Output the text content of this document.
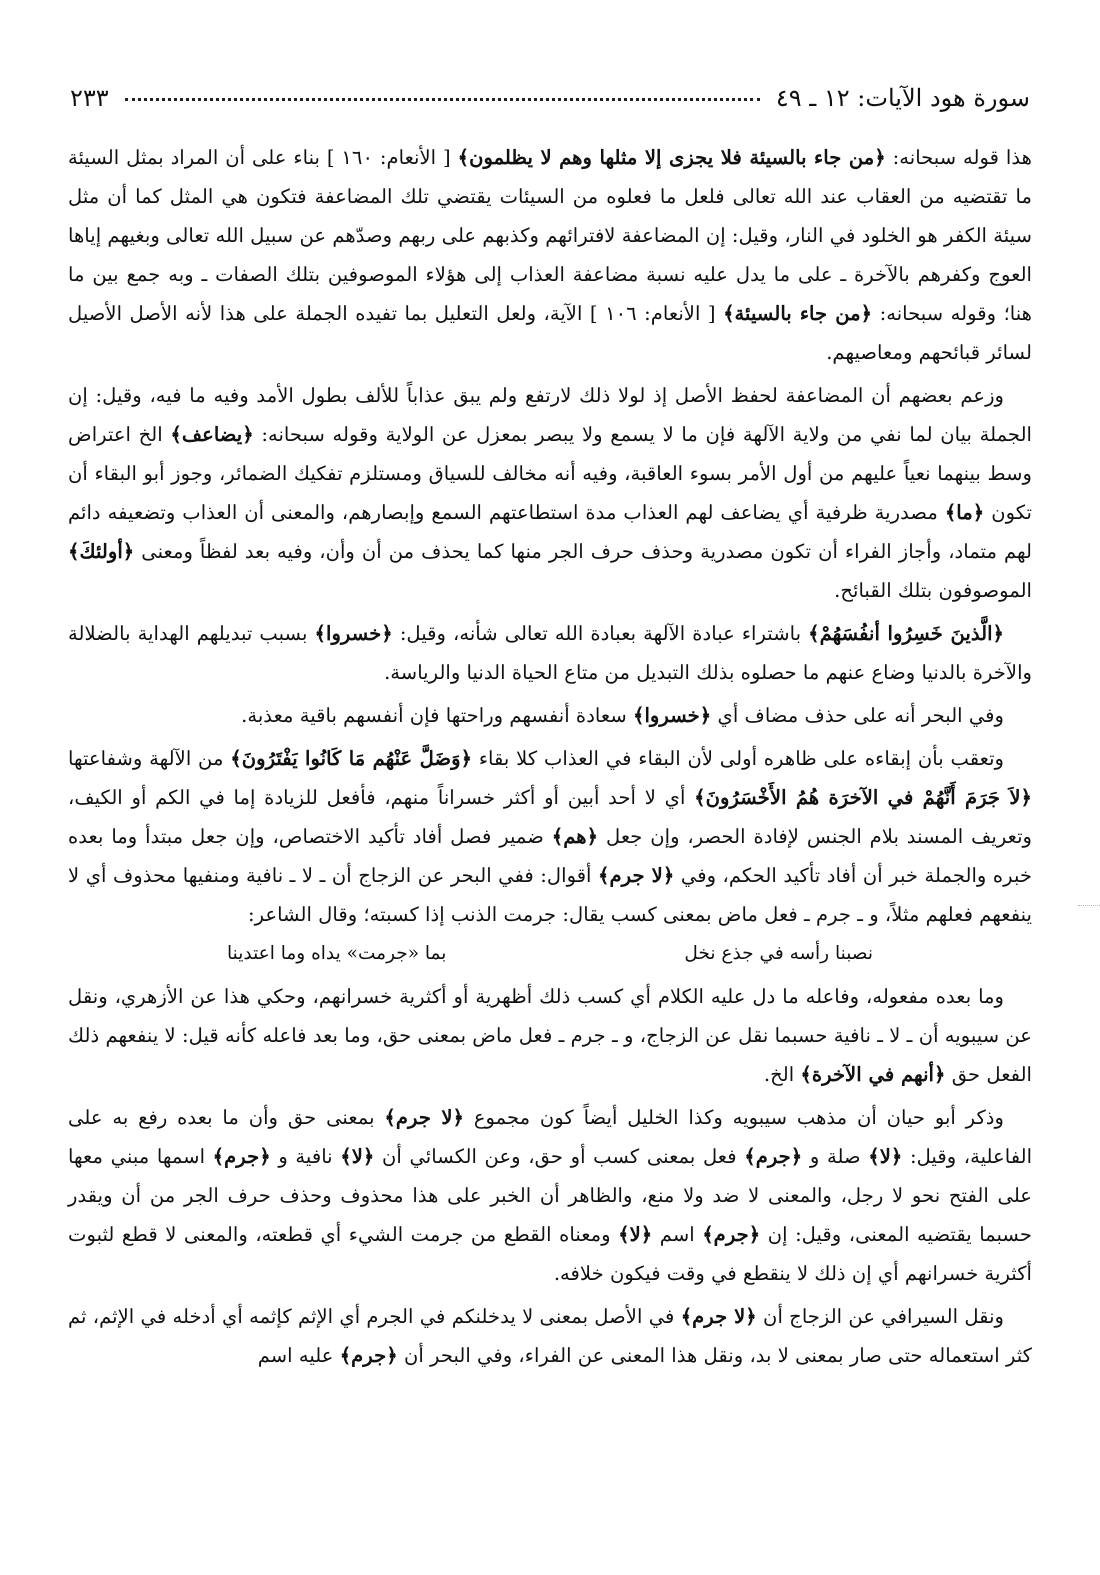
سورة هود الآيات: ١٢ ـ ٤٩
٢٣٣

هذا قوله سبحانه: ﴿من جاء بالسيئة فلا يجزى إلا مثلها وهم لا يظلمون﴾ [ الأنعام: ١٦٠ ] بناء على أن المراد بمثل السيئة ما تقتضيه من العقاب عند الله تعالى فلعل ما فعلوه من السيئات يقتضي تلك المضاعفة فتكون هي المثل كما أن مثل سيئة الكفر هو الخلود في النار، وقيل: إن المضاعفة لافترائهم وكذبهم على ربهم وصدّهم عن سبيل الله تعالى وبغيهم إياها العوج وكفرهم بالآخرة ـ على ما يدل عليه نسبة مضاعفة العذاب إلى هؤلاء الموصوفين بتلك الصفات ـ وبه جمع بين ما هنا؛ وقوله سبحانه: ﴿من جاء بالسيئة﴾ [ الأنعام: ١٠٦ ] الآية، ولعل التعليل بما تفيده الجملة على هذا لأنه الأصل الأصيل لسائر قبائحهم ومعاصيهم.

وزعم بعضهم أن المضاعفة لحفظ الأصل إذ لولا ذلك لارتفع ولم يبق عذاباً للألف بطول الأمد وفيه ما فيه، وقيل: إن الجملة بيان لما نفي من ولاية الآلهة فإن ما لا يسمع ولا يبصر بمعزل عن الولاية وقوله سبحانه: ﴿يضاعف﴾ الخ اعتراض وسط بينهما نعياً عليهم من أول الأمر بسوء العاقبة، وفيه أنه مخالف للسياق ومستلزم تفكيك الضمائر، وجوز أبو البقاء أن تكون ﴿ما﴾ مصدرية ظرفية أي يضاعف لهم العذاب مدة استطاعتهم السمع وإبصارهم، والمعنى أن العذاب وتضعيفه دائم لهم متماد، وأجاز الفراء أن تكون مصدرية وحذف حرف الجر منها كما يحذف من أن وأن، وفيه بعد لفظاً ومعنى ﴿أولئكَ﴾ الموصوفون بتلك القبائح.

﴿الَّذينَ خَسِرُوا أنفُسَهُمْ﴾ باشتراء عبادة الآلهة بعبادة الله تعالى شأنه، وقيل: ﴿خسروا﴾ بسبب تبديلهم الهداية بالضلالة والآخرة بالدنيا وضاع عنهم ما حصلوه بذلك التبديل من متاع الحياة الدنيا والرياسة.

وفي البحر أنه على حذف مضاف أي ﴿خسروا﴾ سعادة أنفسهم وراحتها فإن أنفسهم باقية معذبة.

وتعقب بأن إبقاءه على ظاهره أولى لأن البقاء في العذاب كلا بقاء ﴿وَضَلَّ عَنْهُم مَا كَانُوا يَفْتَرُونَ﴾ من الآلهة وشفاعتها ﴿لاَ جَرَمَ أَنَّهُمْ في الآخرَة هُمُ الأَخْسَرُونَ﴾ أي لا أحد أبين أو أكثر خسراناً منهم، فأفعل للزيادة إما في الكم أو الكيف، وتعريف المسند بلام الجنس لإفادة الحصر، وإن جعل ﴿هم﴾ ضمير فصل أفاد تأكيد الاختصاص، وإن جعل مبتدأ وما بعده خبره والجملة خبر أن أفاد تأكيد الحكم، وفي ﴿لا جرم﴾ أقوال: ففي البحر عن الزجاج أن ـ لا ـ نافية ومنفيها محذوف أي لا ينفعهم فعلهم مثلاً، و ـ جرم ـ فعل ماض بمعنى كسب يقال: جرمت الذنب إذا كسبته؛ وقال الشاعر:

نصبنا رأسه في جذع نخل
بما «جرمت» يداه وما اعتدينا

وما بعده مفعوله، وفاعله ما دل عليه الكلام أي كسب ذلك أظهرية أو أكثرية خسرانهم، وحكي هذا عن الأزهري، ونقل عن سيبويه أن ـ لا ـ نافية حسبما نقل عن الزجاج، و ـ جرم ـ فعل ماض بمعنى حق، وما بعد فاعله كأنه قيل: لا ينفعهم ذلك الفعل حق ﴿أنهم في الآخرة﴾ الخ.

وذكر أبو حيان أن مذهب سيبويه وكذا الخليل أيضاً كون مجموع ﴿لا جرم﴾ بمعنى حق وأن ما بعده رفع به على الفاعلية، وقيل: ﴿لا﴾ صلة و ﴿جرم﴾ فعل بمعنى كسب أو حق، وعن الكسائي أن ﴿لا﴾ نافية و ﴿جرم﴾ اسمها مبني معها على الفتح نحو لا رجل، والمعنى لا ضد ولا منع، والظاهر أن الخبر على هذا محذوف وحذف حرف الجر من أن ويقدر حسبما يقتضيه المعنى، وقيل: إن ﴿جرم﴾ اسم ﴿لا﴾ ومعناه القطع من جرمت الشيء أي قطعته، والمعنى لا قطع لثبوت أكثرية خسرانهم أي إن ذلك لا ينقطع في وقت فيكون خلافه.

ونقل السيرافي عن الزجاج أن ﴿لا جرم﴾ في الأصل بمعنى لا يدخلنكم في الجرم أي الإثم كإثمه أي أدخله في الإثم، ثم كثر استعماله حتى صار بمعنى لا بد، ونقل هذا المعنى عن الفراء، وفي البحر أن ﴿جرم﴾ عليه اسم
